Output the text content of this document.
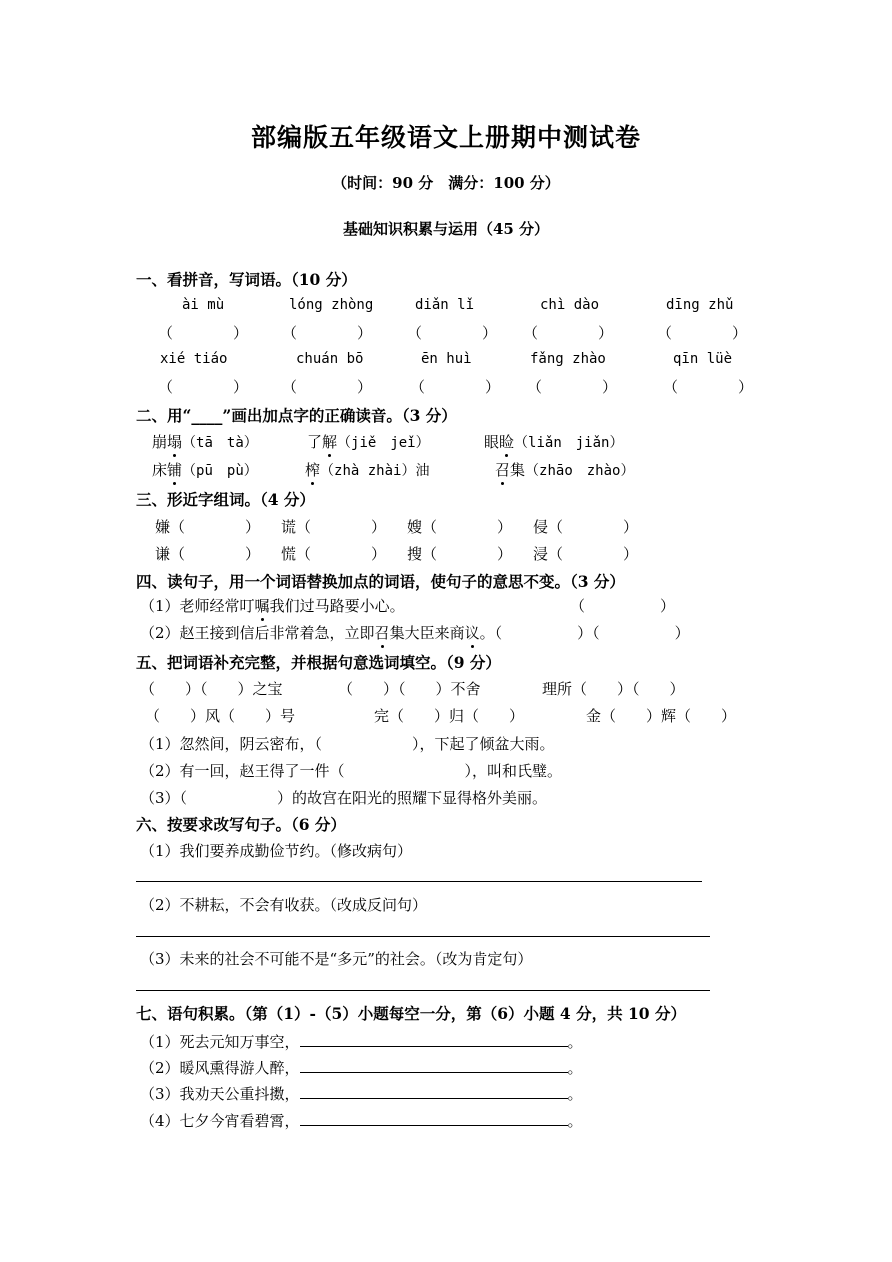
部编版五年级语文上册期中测试卷
（时间：90 分　满分：100 分）
基础知识积累与运用（45 分）
一、看拼音，写词语。（10 分）
ài mù	lóng zhòng	diǎn lǐ	chì dào	dīng zhǔ
（　　　　） （　　　　） （　　　　） （　　　　）	（　　　　）
xié tiáo	chuán bō	ēn huì	fǎng zhào	qīn lüè
（　　　　） （　　　　）	（　　　　） （　　　　）	（　　　　）
二、用“____”画出加点字的正确读音。（3 分）
崩塌（tā　tà）	了解（jiě　jeǐ）	眼睑（liǎn　jiǎn）
床铺（pū　pù）	榨（zhà zhài）油	召集（zhāo　zhào）
三、形近字组词。（4 分）
嫌（　　　　） 谎（　　　　） 嫂（　　　　） 侵（　　　　）
谦（　　　　） 慌（　　　　） 搜（　　　　） 浸（　　　　）
四、读句子，用一个词语替换加点的词语，使句子的意思不变。（3 分）
（1）老师经常叮嘱我们过马路要小心。	（　　　　　）
（2）赵王接到信后非常着急，立即召集大臣来商议。（　　　　　）（　　　　　）
五、把词语补充完整，并根据句意选词填空。（9 分）
（　　）（　　）之宝	（　　）（　　）不舍	理所（　　）（　　）
（　　）风（　　）号	完（　　）归（　　）	金（　　）辉（　　）
（1）忽然间，阴云密布，（　　　　　　），下起了倾盆大雨。
（2）有一回，赵王得了一件（　　　　　　　　），叫和氏璧。
（3）（　　　　　　）的故宫在阳光的照耀下显得格外美丽。
六、按要求改写句子。（6 分）
（1）我们要养成勤俭节约。（修改病句）
（2）不耕耘，不会有收获。（改成反问句）
（3）未来的社会不可能不是“多元”的社会。（改为肯定句）
七、语句积累。（第（1）-（5）小题每空一分，第（6）小题 4 分，共 10 分）
（1）死去元知万事空，	。
（2）暖风熏得游人醉，	。
（3）我劝天公重抖擞，	。
（4）七夕今宵看碧霄，	。
